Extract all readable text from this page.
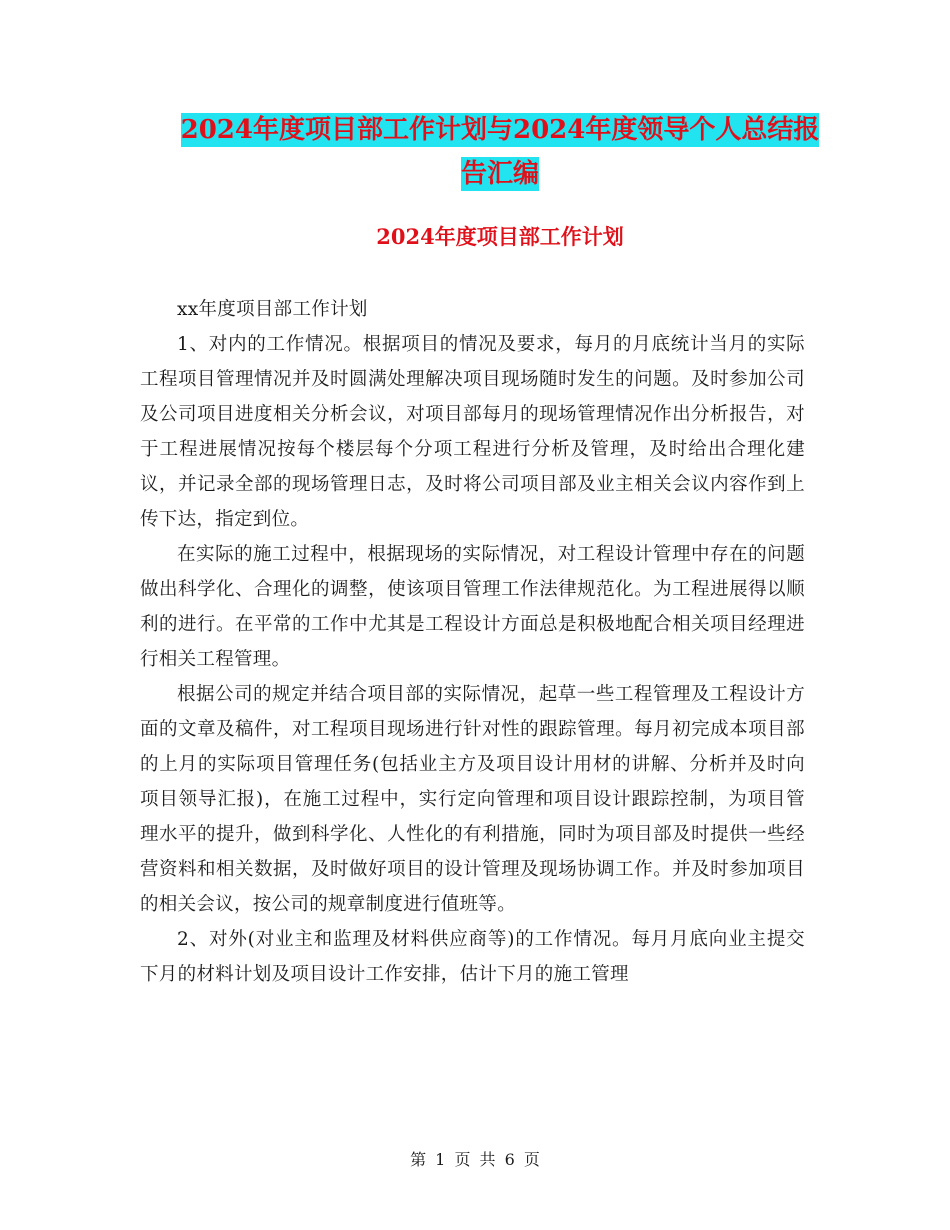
2024年度项目部工作计划与2024年度领导个人总结报
告汇编
2024年度项目部工作计划

xx年度项目部工作计划

1、对内的工作情况。根据项目的情况及要求，每月的月底统计当月的实际工程项目管理情况并及时圆满处理解决项目现场随时发生的问题。及时参加公司及公司项目进度相关分析会议，对项目部每月的现场管理情况作出分析报告，对于工程进展情况按每个楼层每个分项工程进行分析及管理，及时给出合理化建议，并记录全部的现场管理日志，及时将公司项目部及业主相关会议内容作到上传下达，指定到位。

在实际的施工过程中，根据现场的实际情况，对工程设计管理中存在的问题做出科学化、合理化的调整，使该项目管理工作法律规范化。为工程进展得以顺利的进行。在平常的工作中尤其是工程设计方面总是积极地配合相关项目经理进行相关工程管理。

根据公司的规定并结合项目部的实际情况，起草一些工程管理及工程设计方面的文章及稿件，对工程项目现场进行针对性的跟踪管理。每月初完成本项目部的上月的实际项目管理任务(包括业主方及项目设计用材的讲解、分析并及时向项目领导汇报)，在施工过程中，实行定向管理和项目设计跟踪控制，为项目管理水平的提升，做到科学化、人性化的有利措施，同时为项目部及时提供一些经营资料和相关数据，及时做好项目的设计管理及现场协调工作。并及时参加项目的相关会议，按公司的规章制度进行值班等。

2、对外(对业主和监理及材料供应商等)的工作情况。每月月底向业主提交下月的材料计划及项目设计工作安排，估计下月的施工管理

第 1 页 共 6 页
